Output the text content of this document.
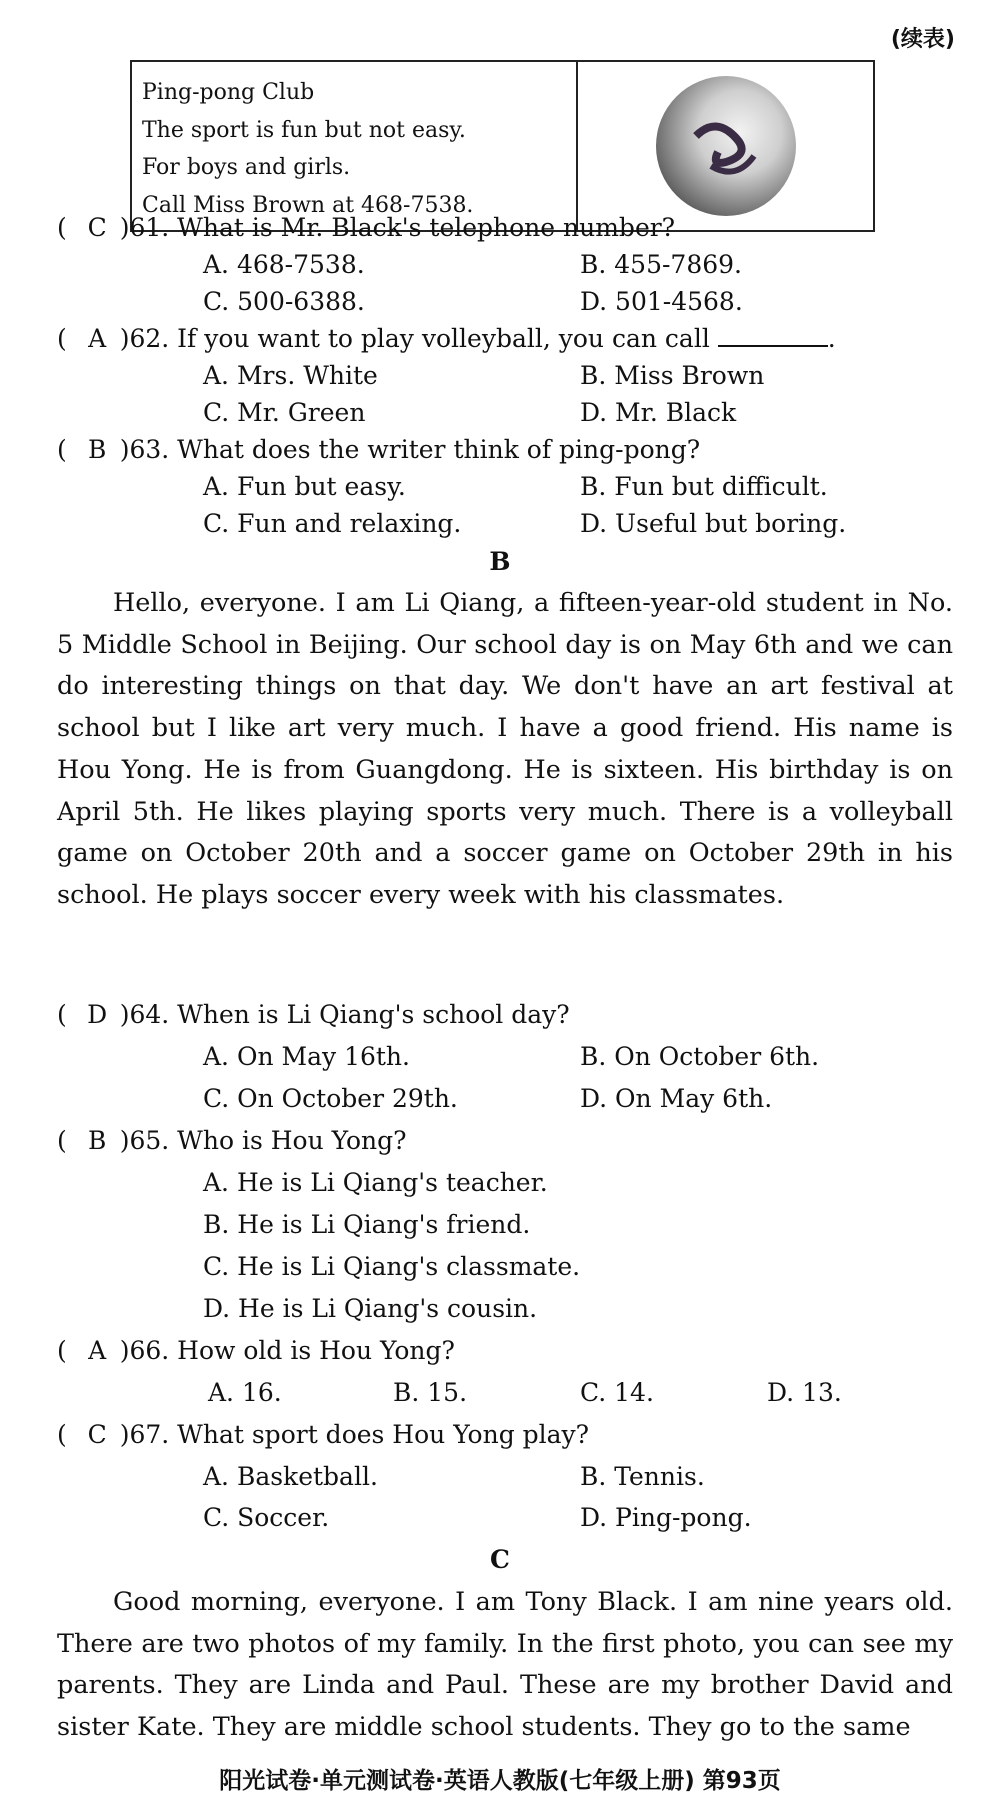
(续表)
Ping-pong Club
The sport is fun but not easy.
For boys and girls.
Call Miss Brown at 468-7538.
( C )61. What is Mr. Black's telephone number?
A. 468-7538.	B. 455-7869.
C. 500-6388.	D. 501-4568.
( A )62. If you want to play volleyball, you can call	.
A. Mrs. White	B. Miss Brown
C. Mr. Green	D. Mr. Black
( B )63. What does the writer think of ping-pong?
A. Fun but easy.	B. Fun but difficult.
C. Fun and relaxing.	D. Useful but boring.
B
Hello, everyone. I am Li Qiang, a fifteen-year-old student in No. 5 Middle School in Beijing. Our school day is on May 6th and we can do interesting things on that day. We don't have an art festival at school but I like art very much. I have a good friend. His name is Hou Yong. He is from Guangdong. He is sixteen. His birthday is on April 5th. He likes playing sports very much. There is a volleyball game on October 20th and a soccer game on October 29th in his school. He plays soccer every week with his classmates.
( D )64. When is Li Qiang's school day?
A. On May 16th.	B. On October 6th.
C. On October 29th.	D. On May 6th.
( B )65. Who is Hou Yong?
A. He is Li Qiang's teacher.
B. He is Li Qiang's friend.
C. He is Li Qiang's classmate.
D. He is Li Qiang's cousin.
( A )66. How old is Hou Yong?
A. 16.	B. 15.	C. 14.	D. 13.
( C )67. What sport does Hou Yong play?
A. Basketball.	B. Tennis.
C. Soccer.	D. Ping-pong.
C
Good morning, everyone. I am Tony Black. I am nine years old. There are two photos of my family. In the first photo, you can see my parents. They are Linda and Paul. These are my brother David and sister Kate. They are middle school students. They go to the same
阳光试卷·单元测试卷·英语人教版(七年级上册) 第93页
